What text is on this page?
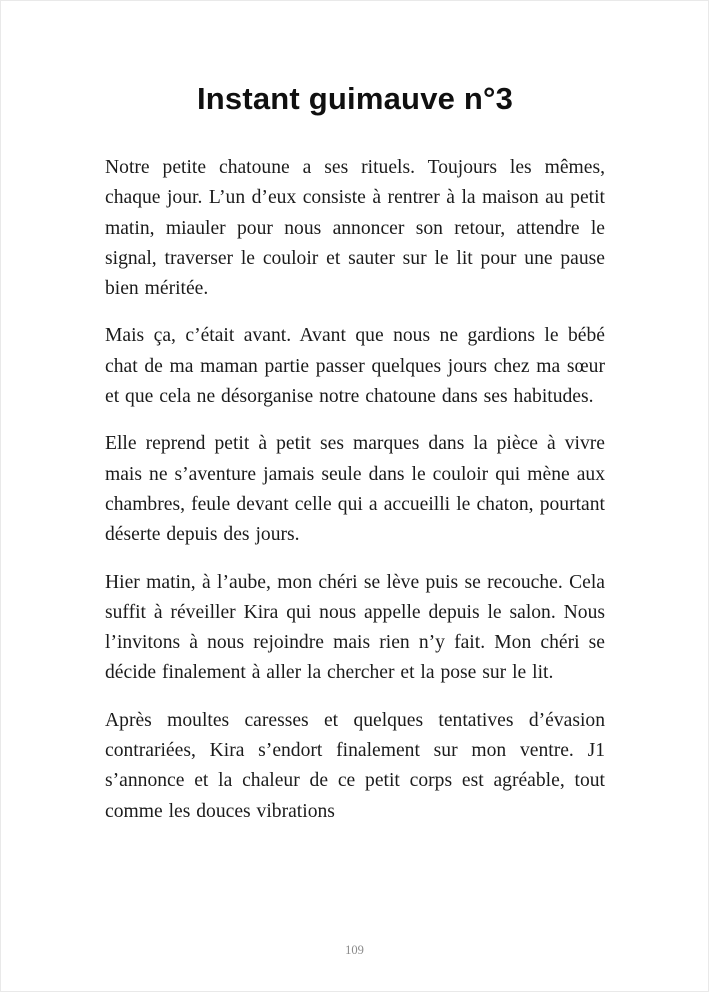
Instant guimauve n°3

Notre petite chatoune a ses rituels. Toujours les mêmes, chaque jour. L’un d’eux consiste à rentrer à la maison au petit matin, miauler pour nous annoncer son retour, attendre le signal, traverser le couloir et sauter sur le lit pour une pause bien méritée.

Mais ça, c’était avant. Avant que nous ne gardions le bébé chat de ma maman partie passer quelques jours chez ma sœur et que cela ne désorganise notre chatoune dans ses habitudes.

Elle reprend petit à petit ses marques dans la pièce à vivre mais ne s’aventure jamais seule dans le couloir qui mène aux chambres, feule devant celle qui a accueilli le chaton, pourtant déserte depuis des jours.

Hier matin, à l’aube, mon chéri se lève puis se recouche. Cela suffit à réveiller Kira qui nous appelle depuis le salon. Nous l’invitons à nous rejoindre mais rien n’y fait. Mon chéri se décide finalement à aller la chercher et la pose sur le lit.

Après moultes caresses et quelques tentatives d’évasion contrariées, Kira s’endort finalement sur mon ventre. J1 s’annonce et la chaleur de ce petit corps est agréable, tout comme les douces vibrations

109
